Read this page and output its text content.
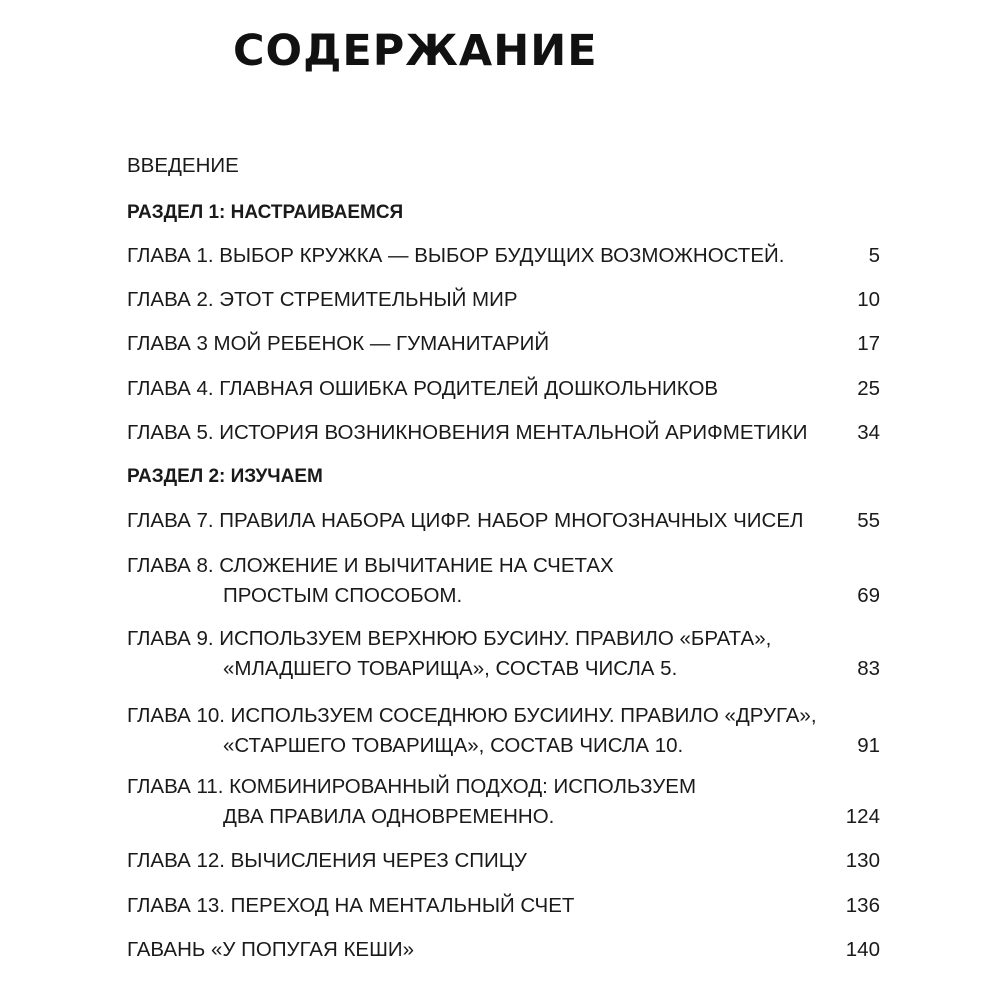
СОДЕРЖАНИЕ
ВВЕДЕНИЕ
РАЗДЕЛ 1: НАСТРАИВАЕМСЯ
ГЛАВА 1. ВЫБОР КРУЖКА — ВЫБОР БУДУЩИХ ВОЗМОЖНОСТЕЙ.	5
ГЛАВА 2. ЭТОТ СТРЕМИТЕЛЬНЫЙ МИР	10
ГЛАВА 3 МОЙ РЕБЕНОК — ГУМАНИТАРИЙ	17
ГЛАВА 4. ГЛАВНАЯ ОШИБКА РОДИТЕЛЕЙ ДОШКОЛЬНИКОВ	25
ГЛАВА 5. ИСТОРИЯ ВОЗНИКНОВЕНИЯ МЕНТАЛЬНОЙ АРИФМЕТИКИ 34
РАЗДЕЛ 2: ИЗУЧАЕМ
ГЛАВА 7. ПРАВИЛА НАБОРА ЦИФР. НАБОР МНОГОЗНАЧНЫХ ЧИСЕЛ	55
ГЛАВА 8. СЛОЖЕНИЕ И ВЫЧИТАНИЕ НА СЧЕТАХ
ПРОСТЫМ СПОСОБОМ.	69
ГЛАВА 9. ИСПОЛЬЗУЕМ ВЕРХНЮЮ БУСИНУ. ПРАВИЛО «БРАТА»,
«МЛАДШЕГО ТОВАРИЩА», СОСТАВ ЧИСЛА 5.	83
ГЛАВА 10. ИСПОЛЬЗУЕМ СОСЕДНЮЮ БУСИИНУ. ПРАВИЛО «ДРУГА»,
«СТАРШЕГО ТОВАРИЩА», СОСТАВ ЧИСЛА 10.	91
ГЛАВА 11. КОМБИНИРОВАННЫЙ ПОДХОД: ИСПОЛЬЗУЕМ
ДВА ПРАВИЛА ОДНОВРЕМЕННО.	124
ГЛАВА 12. ВЫЧИСЛЕНИЯ ЧЕРЕЗ СПИЦУ	130
ГЛАВА 13. ПЕРЕХОД НА МЕНТАЛЬНЫЙ СЧЕТ	136
ГАВАНЬ «У ПОПУГАЯ КЕШИ»	140
